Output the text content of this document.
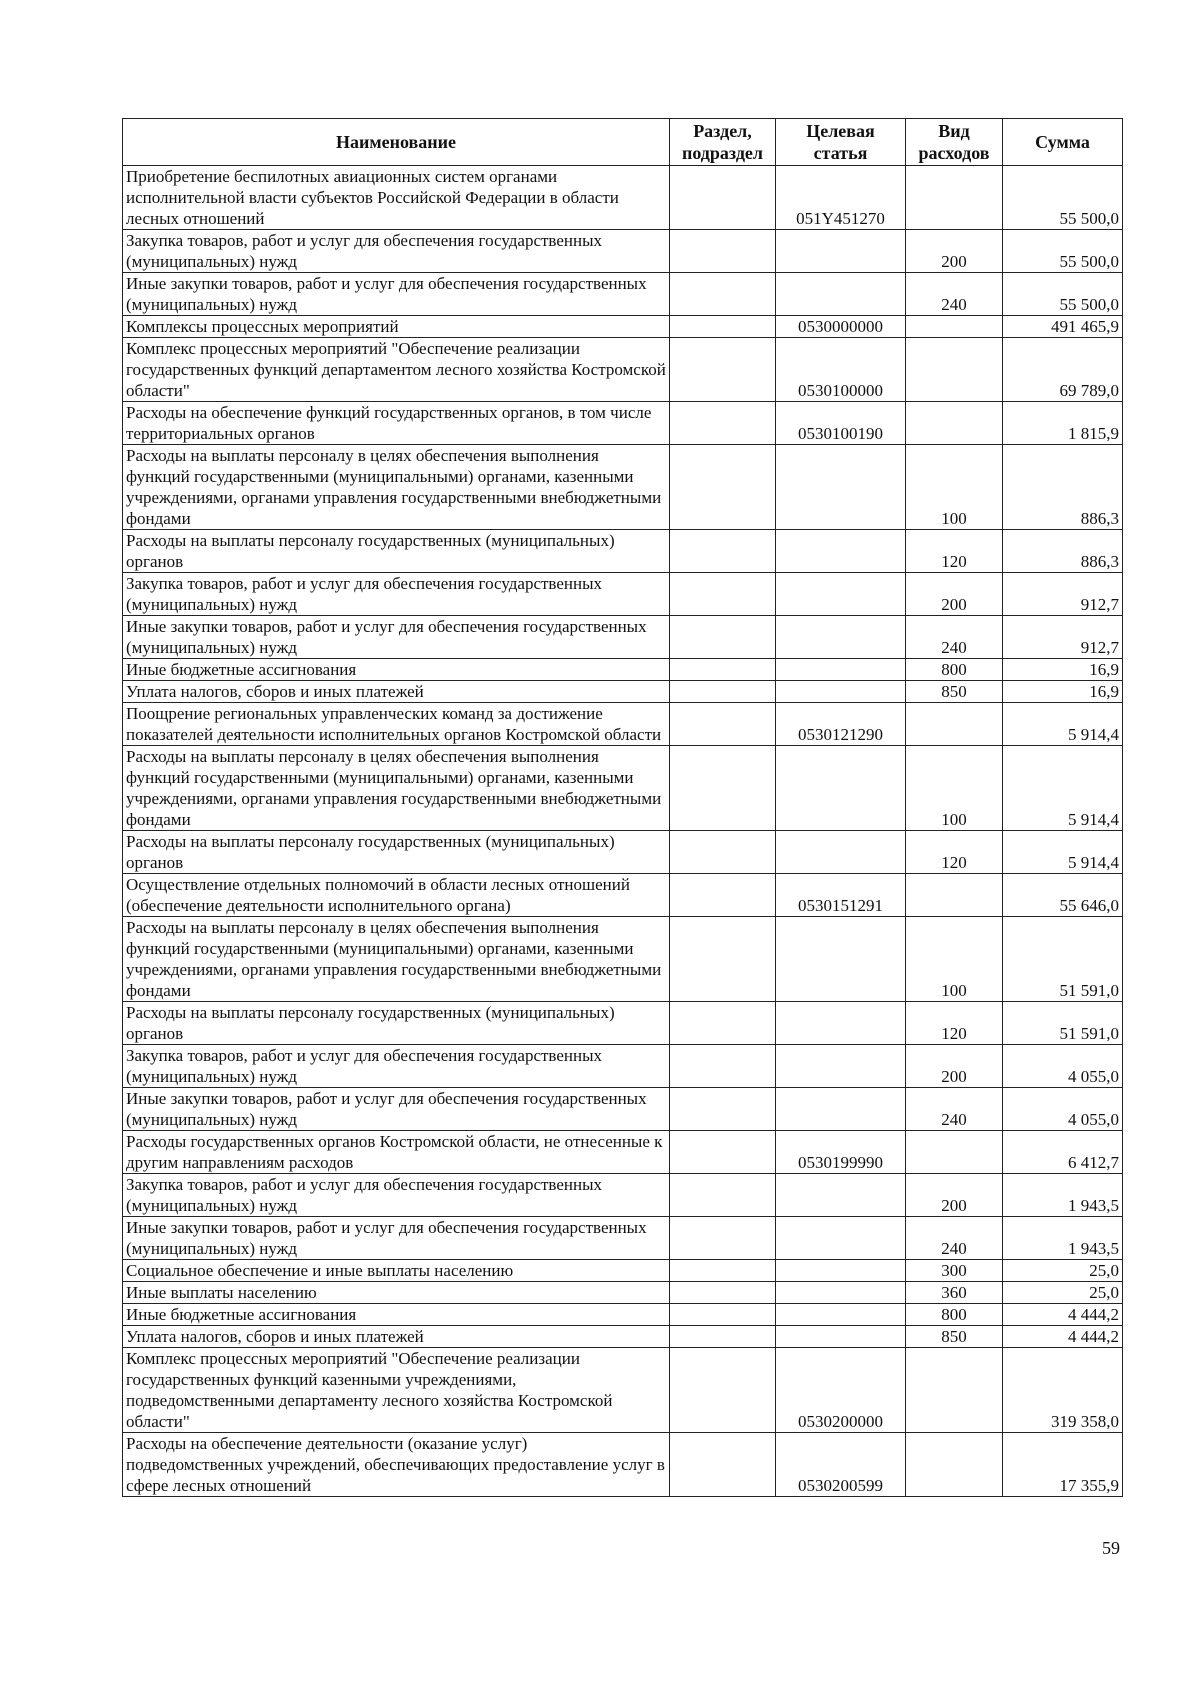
Наименование	Раздел, подраздел	Целевая статья	Вид расходов	Сумма
Приобретение беспилотных авиационных систем органами исполнительной власти субъектов Российской Федерации в области лесных отношений		051Y451270		55 500,0
Закупка товаров, работ и услуг для обеспечения государственных (муниципальных) нужд			200	55 500,0
Иные закупки товаров, работ и услуг для обеспечения государственных (муниципальных) нужд			240	55 500,0
Комплексы процессных мероприятий		0530000000		491 465,9
Комплекс процессных мероприятий "Обеспечение реализации государственных функций департаментом лесного хозяйства Костромской области"		0530100000		69 789,0
Расходы на обеспечение функций государственных органов, в том числе территориальных органов		0530100190		1 815,9
Расходы на выплаты персоналу в целях обеспечения выполнения функций государственными (муниципальными) органами, казенными учреждениями, органами управления государственными внебюджетными фондами			100	886,3
Расходы на выплаты персоналу государственных (муниципальных) органов			120	886,3
Закупка товаров, работ и услуг для обеспечения государственных (муниципальных) нужд			200	912,7
Иные закупки товаров, работ и услуг для обеспечения государственных (муниципальных) нужд			240	912,7
Иные бюджетные ассигнования			800	16,9
Уплата налогов, сборов и иных платежей			850	16,9
Поощрение региональных управленческих команд за достижение показателей деятельности исполнительных органов Костромской области		0530121290		5 914,4
Расходы на выплаты персоналу в целях обеспечения выполнения функций государственными (муниципальными) органами, казенными учреждениями, органами управления государственными внебюджетными фондами			100	5 914,4
Расходы на выплаты персоналу государственных (муниципальных) органов			120	5 914,4
Осуществление отдельных полномочий в области лесных отношений (обеспечение деятельности исполнительного органа)		0530151291		55 646,0
Расходы на выплаты персоналу в целях обеспечения выполнения функций государственными (муниципальными) органами, казенными учреждениями, органами управления государственными внебюджетными фондами			100	51 591,0
Расходы на выплаты персоналу государственных (муниципальных) органов			120	51 591,0
Закупка товаров, работ и услуг для обеспечения государственных (муниципальных) нужд			200	4 055,0
Иные закупки товаров, работ и услуг для обеспечения государственных (муниципальных) нужд			240	4 055,0
Расходы государственных органов Костромской области, не отнесенные к другим направлениям расходов		0530199990		6 412,7
Закупка товаров, работ и услуг для обеспечения государственных (муниципальных) нужд			200	1 943,5
Иные закупки товаров, работ и услуг для обеспечения государственных (муниципальных) нужд			240	1 943,5
Социальное обеспечение и иные выплаты населению			300	25,0
Иные выплаты населению			360	25,0
Иные бюджетные ассигнования			800	4 444,2
Уплата налогов, сборов и иных платежей			850	4 444,2
Комплекс процессных мероприятий "Обеспечение реализации государственных функций казенными учреждениями, подведомственными департаменту лесного хозяйства Костромской области"		0530200000		319 358,0
Расходы на обеспечение деятельности (оказание услуг) подведомственных учреждений, обеспечивающих предоставление услуг в сфере лесных отношений		0530200599		17 355,9
59
